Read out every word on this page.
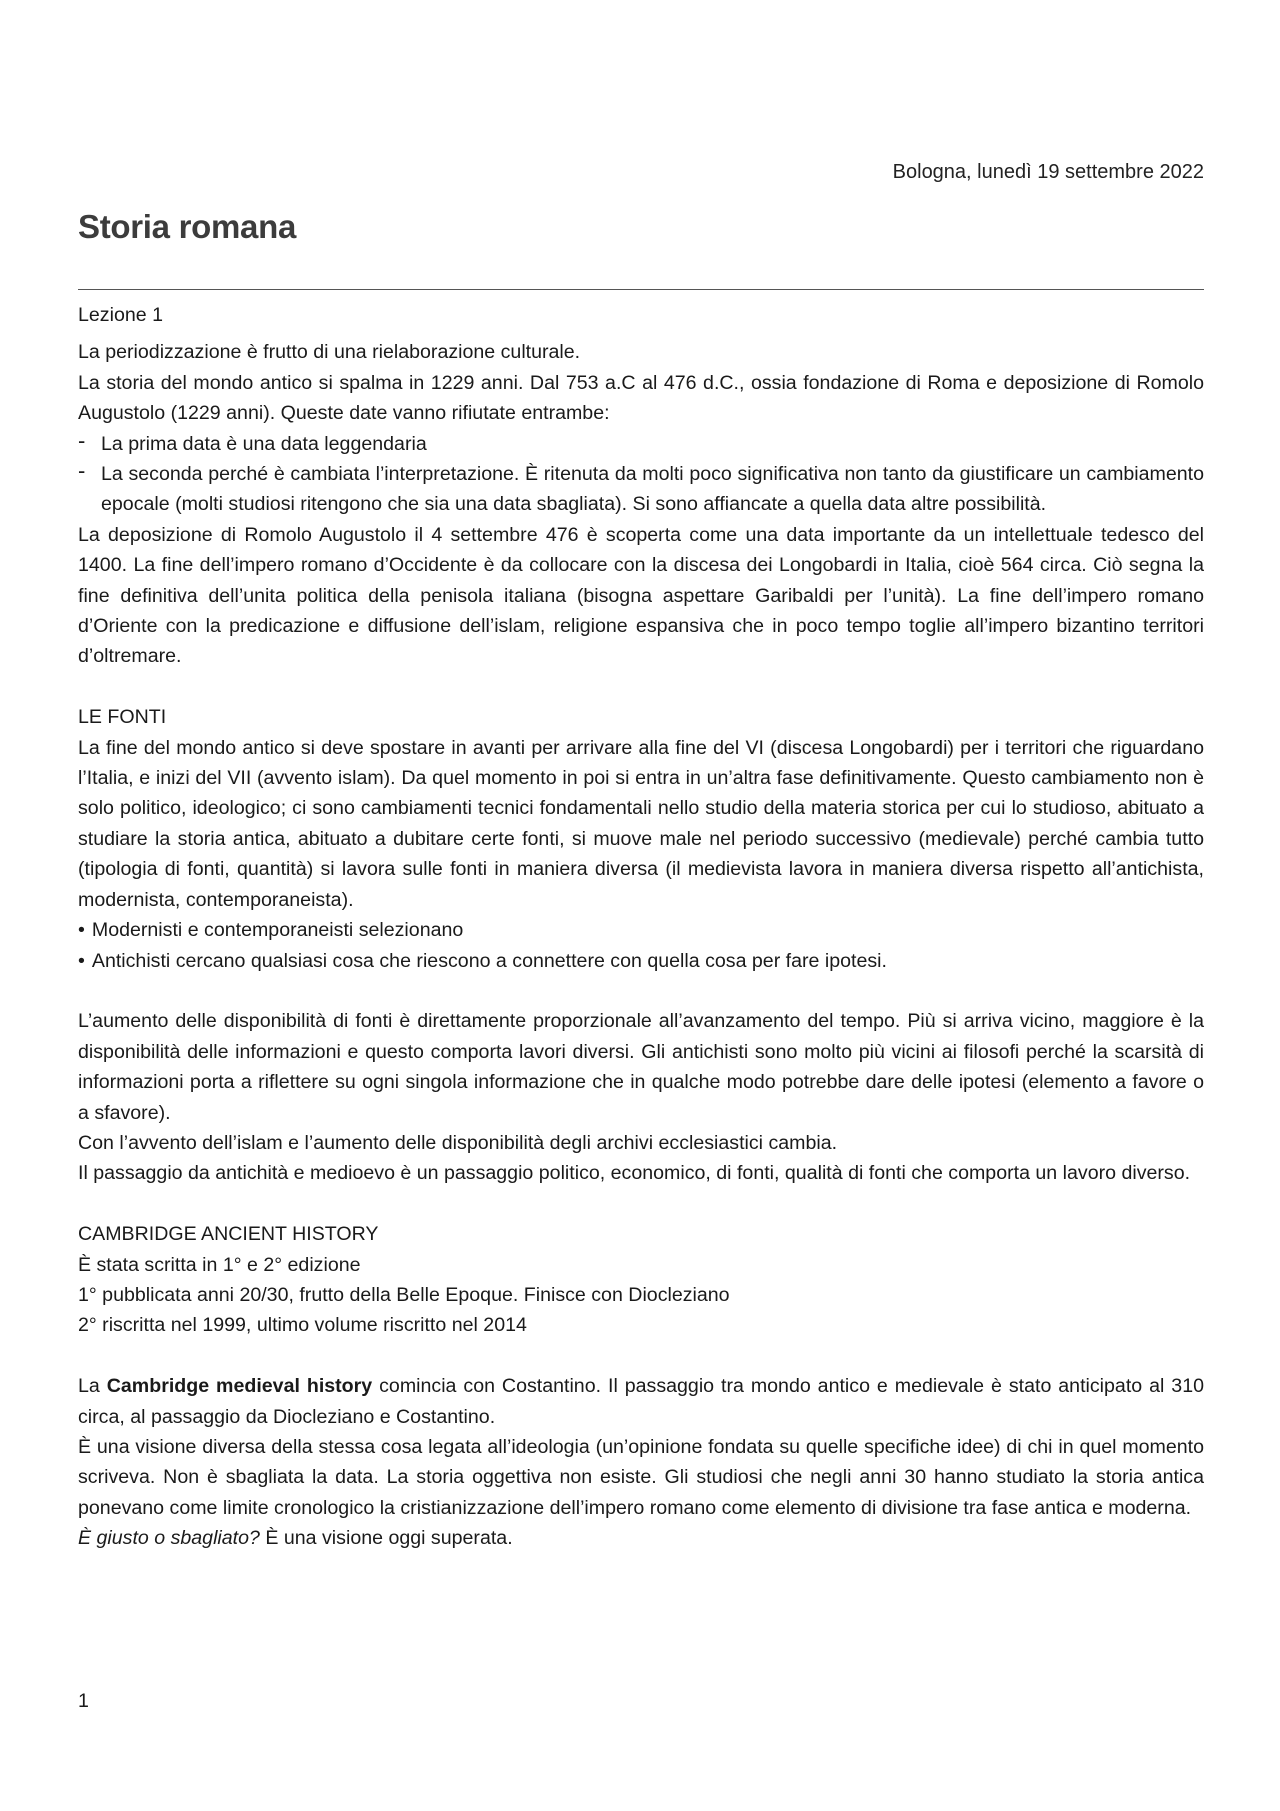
Bologna, lunedì 19 settembre 2022
Storia romana

Lezione 1

La periodizzazione è frutto di una rielaborazione culturale.

La storia del mondo antico si spalma in 1229 anni. Dal 753 a.C al 476 d.C., ossia fondazione di Roma e deposizione di Romolo Augustolo (1229 anni). Queste date vanno rifiutate entrambe:

- La prima data è una data leggendaria
- La seconda perché è cambiata l’interpretazione. È ritenuta da molti poco significativa non tanto da giustificare un cambiamento epocale (molti studiosi ritengono che sia una data sbagliata). Si sono affiancate a quella data altre possibilità.

La deposizione di Romolo Augustolo il 4 settembre 476 è scoperta come una data importante da un intellettuale tedesco del 1400. La fine dell’impero romano d’Occidente è da collocare con la discesa dei Longobardi in Italia, cioè 564 circa. Ciò segna la fine definitiva dell’unita politica della penisola italiana (bisogna aspettare Garibaldi per l’unità). La fine dell’impero romano d’Oriente con la predicazione e diffusione dell’islam, religione espansiva che in poco tempo toglie all’impero bizantino territori d’oltremare.

LE FONTI

La fine del mondo antico si deve spostare in avanti per arrivare alla fine del VI (discesa Longobardi) per i territori che riguardano l’Italia, e inizi del VII (avvento islam). Da quel momento in poi si entra in un’altra fase definitivamente. Questo cambiamento non è solo politico, ideologico; ci sono cambiamenti tecnici fondamentali nello studio della materia storica per cui lo studioso, abituato a studiare la storia antica, abituato a dubitare certe fonti, si muove male nel periodo successivo (medievale) perché cambia tutto (tipologia di fonti, quantità) si lavora sulle fonti in maniera diversa (il medievista lavora in maniera diversa rispetto all’antichista, modernista, contemporaneista).

• Modernisti e contemporaneisti selezionano
• Antichisti cercano qualsiasi cosa che riescono a connettere con quella cosa per fare ipotesi.

L’aumento delle disponibilità di fonti è direttamente proporzionale all’avanzamento del tempo. Più si arriva vicino, maggiore è la disponibilità delle informazioni e questo comporta lavori diversi. Gli antichisti sono molto più vicini ai filosofi perché la scarsità di informazioni porta a riflettere su ogni singola informazione che in qualche modo potrebbe dare delle ipotesi (elemento a favore o a sfavore).

Con l’avvento dell’islam e l’aumento delle disponibilità degli archivi ecclesiastici cambia.

Il passaggio da antichità e medioevo è un passaggio politico, economico, di fonti, qualità di fonti che comporta un lavoro diverso.

CAMBRIDGE ANCIENT HISTORY

È stata scritta in 1° e 2° edizione

1° pubblicata anni 20/30, frutto della Belle Epoque. Finisce con Diocleziano

2° riscritta nel 1999, ultimo volume riscritto nel 2014

La Cambridge medieval history comincia con Costantino. Il passaggio tra mondo antico e medievale è stato anticipato al 310 circa, al passaggio da Diocleziano e Costantino.

È una visione diversa della stessa cosa legata all’ideologia (un’opinione fondata su quelle specifiche idee) di chi in quel momento scriveva. Non è sbagliata la data. La storia oggettiva non esiste. Gli studiosi che negli anni 30 hanno studiato la storia antica ponevano come limite cronologico la cristianizzazione dell’impero romano come elemento di divisione tra fase antica e moderna.

È giusto o sbagliato? È una visione oggi superata.

1
